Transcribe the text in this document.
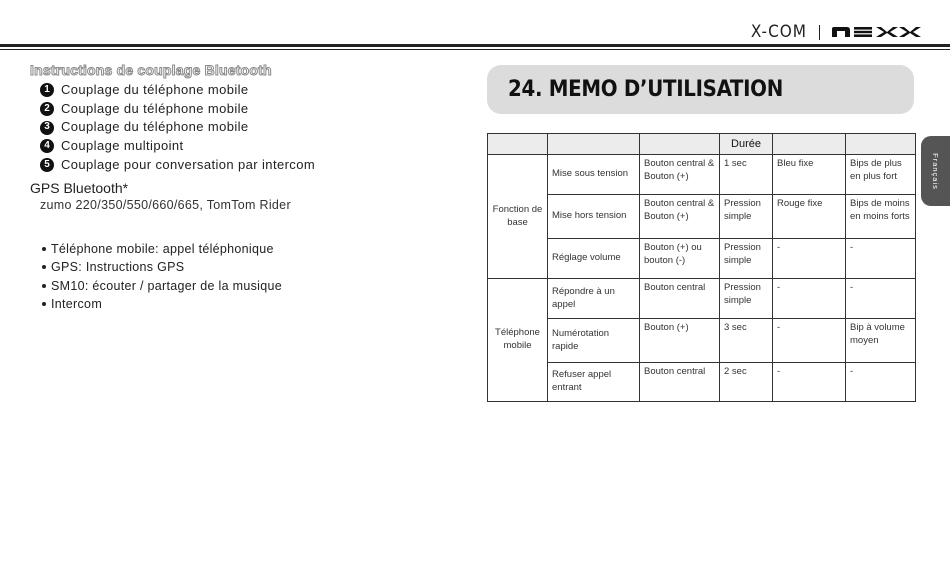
X-COM
Instructions de couplage Bluetooth
1 Couplage du téléphone mobile
2 Couplage du téléphone mobile
3 Couplage du téléphone mobile
4 Couplage multipoint
5 Couplage pour conversation par intercom
GPS Bluetooth*
zumo 220/350/550/660/665, TomTom Rider
Téléphone mobile: appel téléphonique
GPS: Instructions GPS
SM10: écouter / partager de la musique
Intercom
24. MEMO D’UTILISATION
Français
			Durée		
Fonction de base	Mise sous tension	Bouton central & Bouton (+)	1 sec	Bleu fixe	Bips de plus en plus fort
	Mise hors tension	Bouton central & Bouton (+)	Pression simple	Rouge fixe	Bips de moins en moins forts
	Réglage volume	Bouton (+) ou bouton (-)	Pression simple	-	-
Téléphone mobile	Répondre à un appel	Bouton central	Pression simple	-	-
	Numérotation rapide	Bouton (+)	3 sec	-	Bip à volume moyen
	Refuser appel entrant	Bouton central	2 sec	-	-
